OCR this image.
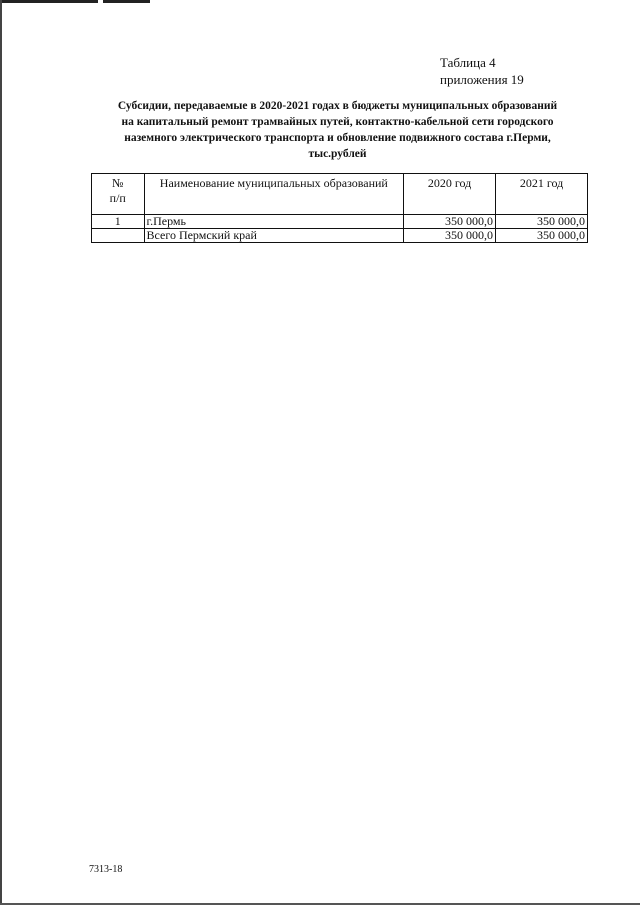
Таблица 4
приложения 19
Субсидии, передаваемые в 2020-2021 годах в бюджеты муниципальных образований
на капитальный ремонт трамвайных путей, контактно-кабельной сети городского
наземного электрического транспорта и обновление подвижного состава г.Перми,
тыс.рублей
№
п/п	Наименование муниципальных образований	2020 год	2021 год
1	г.Пермь	350 000,0	350 000,0
	Всего Пермский край	350 000,0	350 000,0
7313-18
